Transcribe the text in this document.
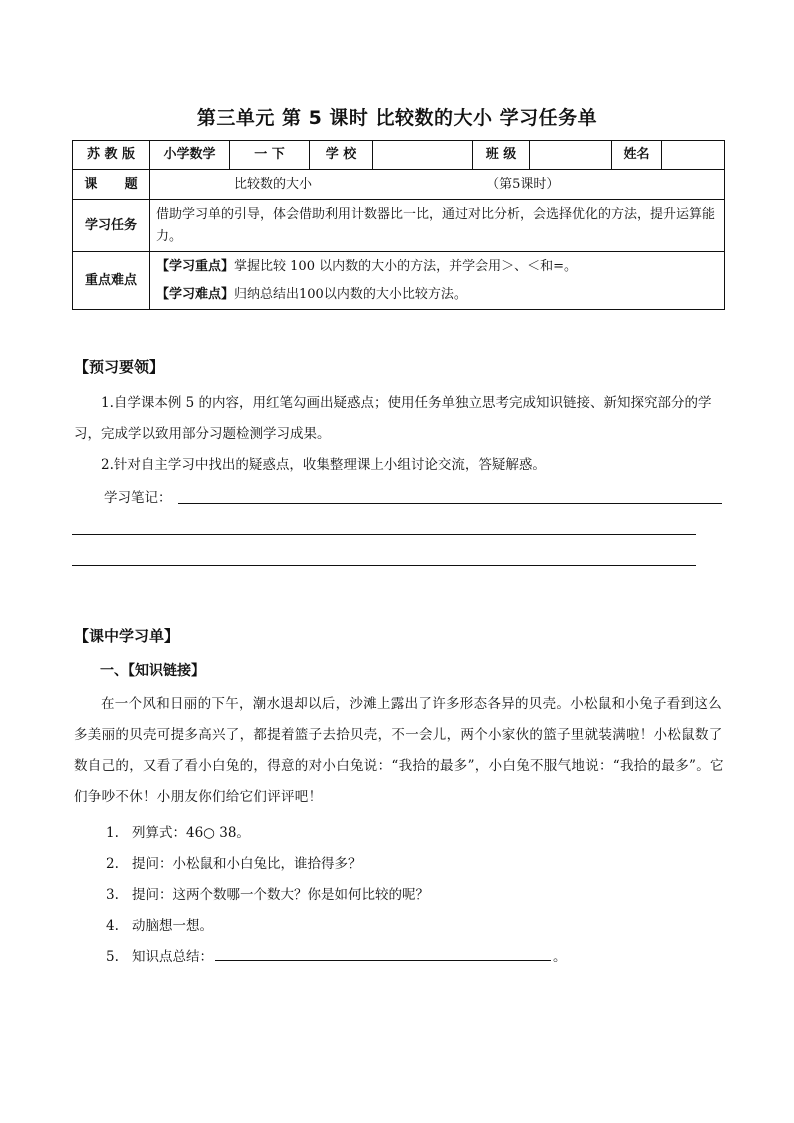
第三单元 第 5 课时 比较数的大小 学习任务单
苏 教 版	小学数学	一 下	学 校		班 级		姓名	
课      题	比较数的大小 （第5课时）							
学习任务	借助学习单的引导，体会借助利用计数器比一比，通过对比分析，会选择优化的方法，提升运算能力。							
重点难点	【学习重点】掌握比较 100 以内数的大小的方法，并学会用＞、＜和=。
【学习难点】归纳总结出100以内数的大小比较方法。							
【预习要领】
1.自学课本例 5 的内容，用红笔勾画出疑惑点；使用任务单独立思考完成知识链接、新知探究部分的学习，完成学以致用部分习题检测学习成果。
2.针对自主学习中找出的疑惑点，收集整理课上小组讨论交流，答疑解惑。
学习笔记：
【课中学习单】
一、【知识链接】
在一个风和日丽的下午，潮水退却以后，沙滩上露出了许多形态各异的贝壳。小松鼠和小兔子看到这么多美丽的贝壳可提多高兴了，都提着篮子去拾贝壳，不一会儿，两个小家伙的篮子里就装满啦！小松鼠数了数自己的，又看了看小白兔的，得意的对小白兔说：“我拾的最多”，小白兔不服气地说：“我拾的最多”。它们争吵不休！小朋友你们给它们评评吧！
1. 列算式：46○ 38。
2. 提问：小松鼠和小白兔比，谁拾得多？
3. 提问：这两个数哪一个数大？你是如何比较的呢？
4. 动脑想一想。
5. 知识点总结：	。
